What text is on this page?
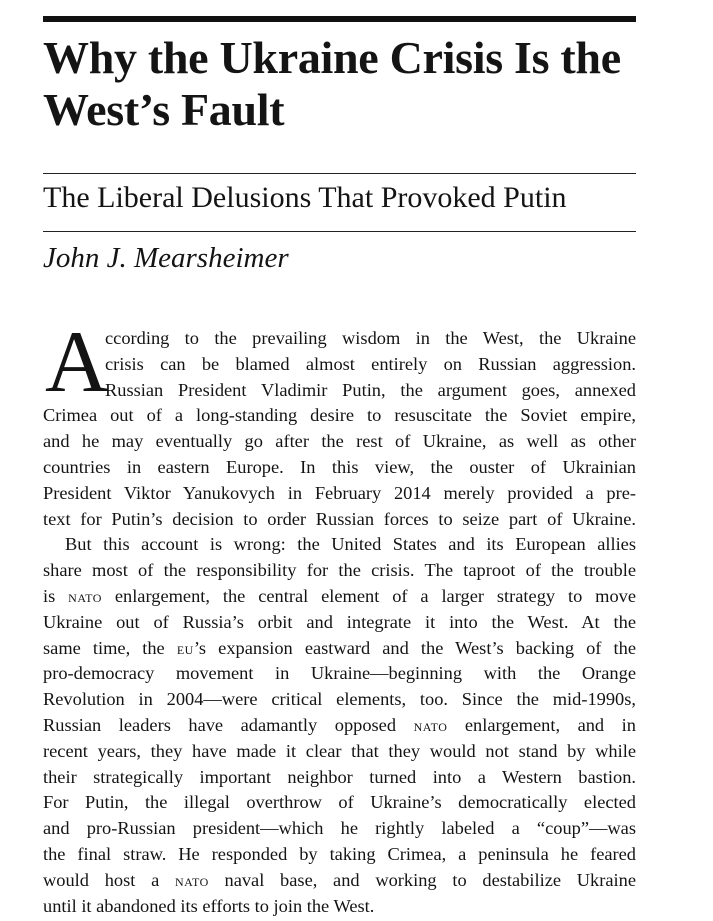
Why the Ukraine Crisis Is the West’s Fault
The Liberal Delusions That Provoked Putin
John J. Mearsheimer
A
ccording to the prevailing wisdom in the West, the Ukraine
crisis can be blamed almost entirely on Russian aggression.
Russian President Vladimir Putin, the argument goes, annexed
Crimea out of a long-standing desire to resuscitate the Soviet empire,
and he may eventually go after the rest of Ukraine, as well as other
countries in eastern Europe. In this view, the ouster of Ukrainian
President Viktor Yanukovych in February 2014 merely provided a pre-
text for Putin’s decision to order Russian forces to seize part of Ukraine.
But this account is wrong: the United States and its European allies
share most of the responsibility for the crisis. The taproot of the trouble
is nato enlargement, the central element of a larger strategy to move
Ukraine out of Russia’s orbit and integrate it into the West. At the
same time, the eu’s expansion eastward and the West’s backing of the
pro-democracy movement in Ukraine—beginning with the Orange
Revolution in 2004—were critical elements, too. Since the mid-1990s,
Russian leaders have adamantly opposed nato enlargement, and in
recent years, they have made it clear that they would not stand by while
their strategically important neighbor turned into a Western bastion.
For Putin, the illegal overthrow of Ukraine’s democratically elected
and pro-Russian president—which he rightly labeled a “coup”—was
the final straw. He responded by taking Crimea, a peninsula he feared
would host a nato naval base, and working to destabilize Ukraine
until it abandoned its efforts to join the West.
